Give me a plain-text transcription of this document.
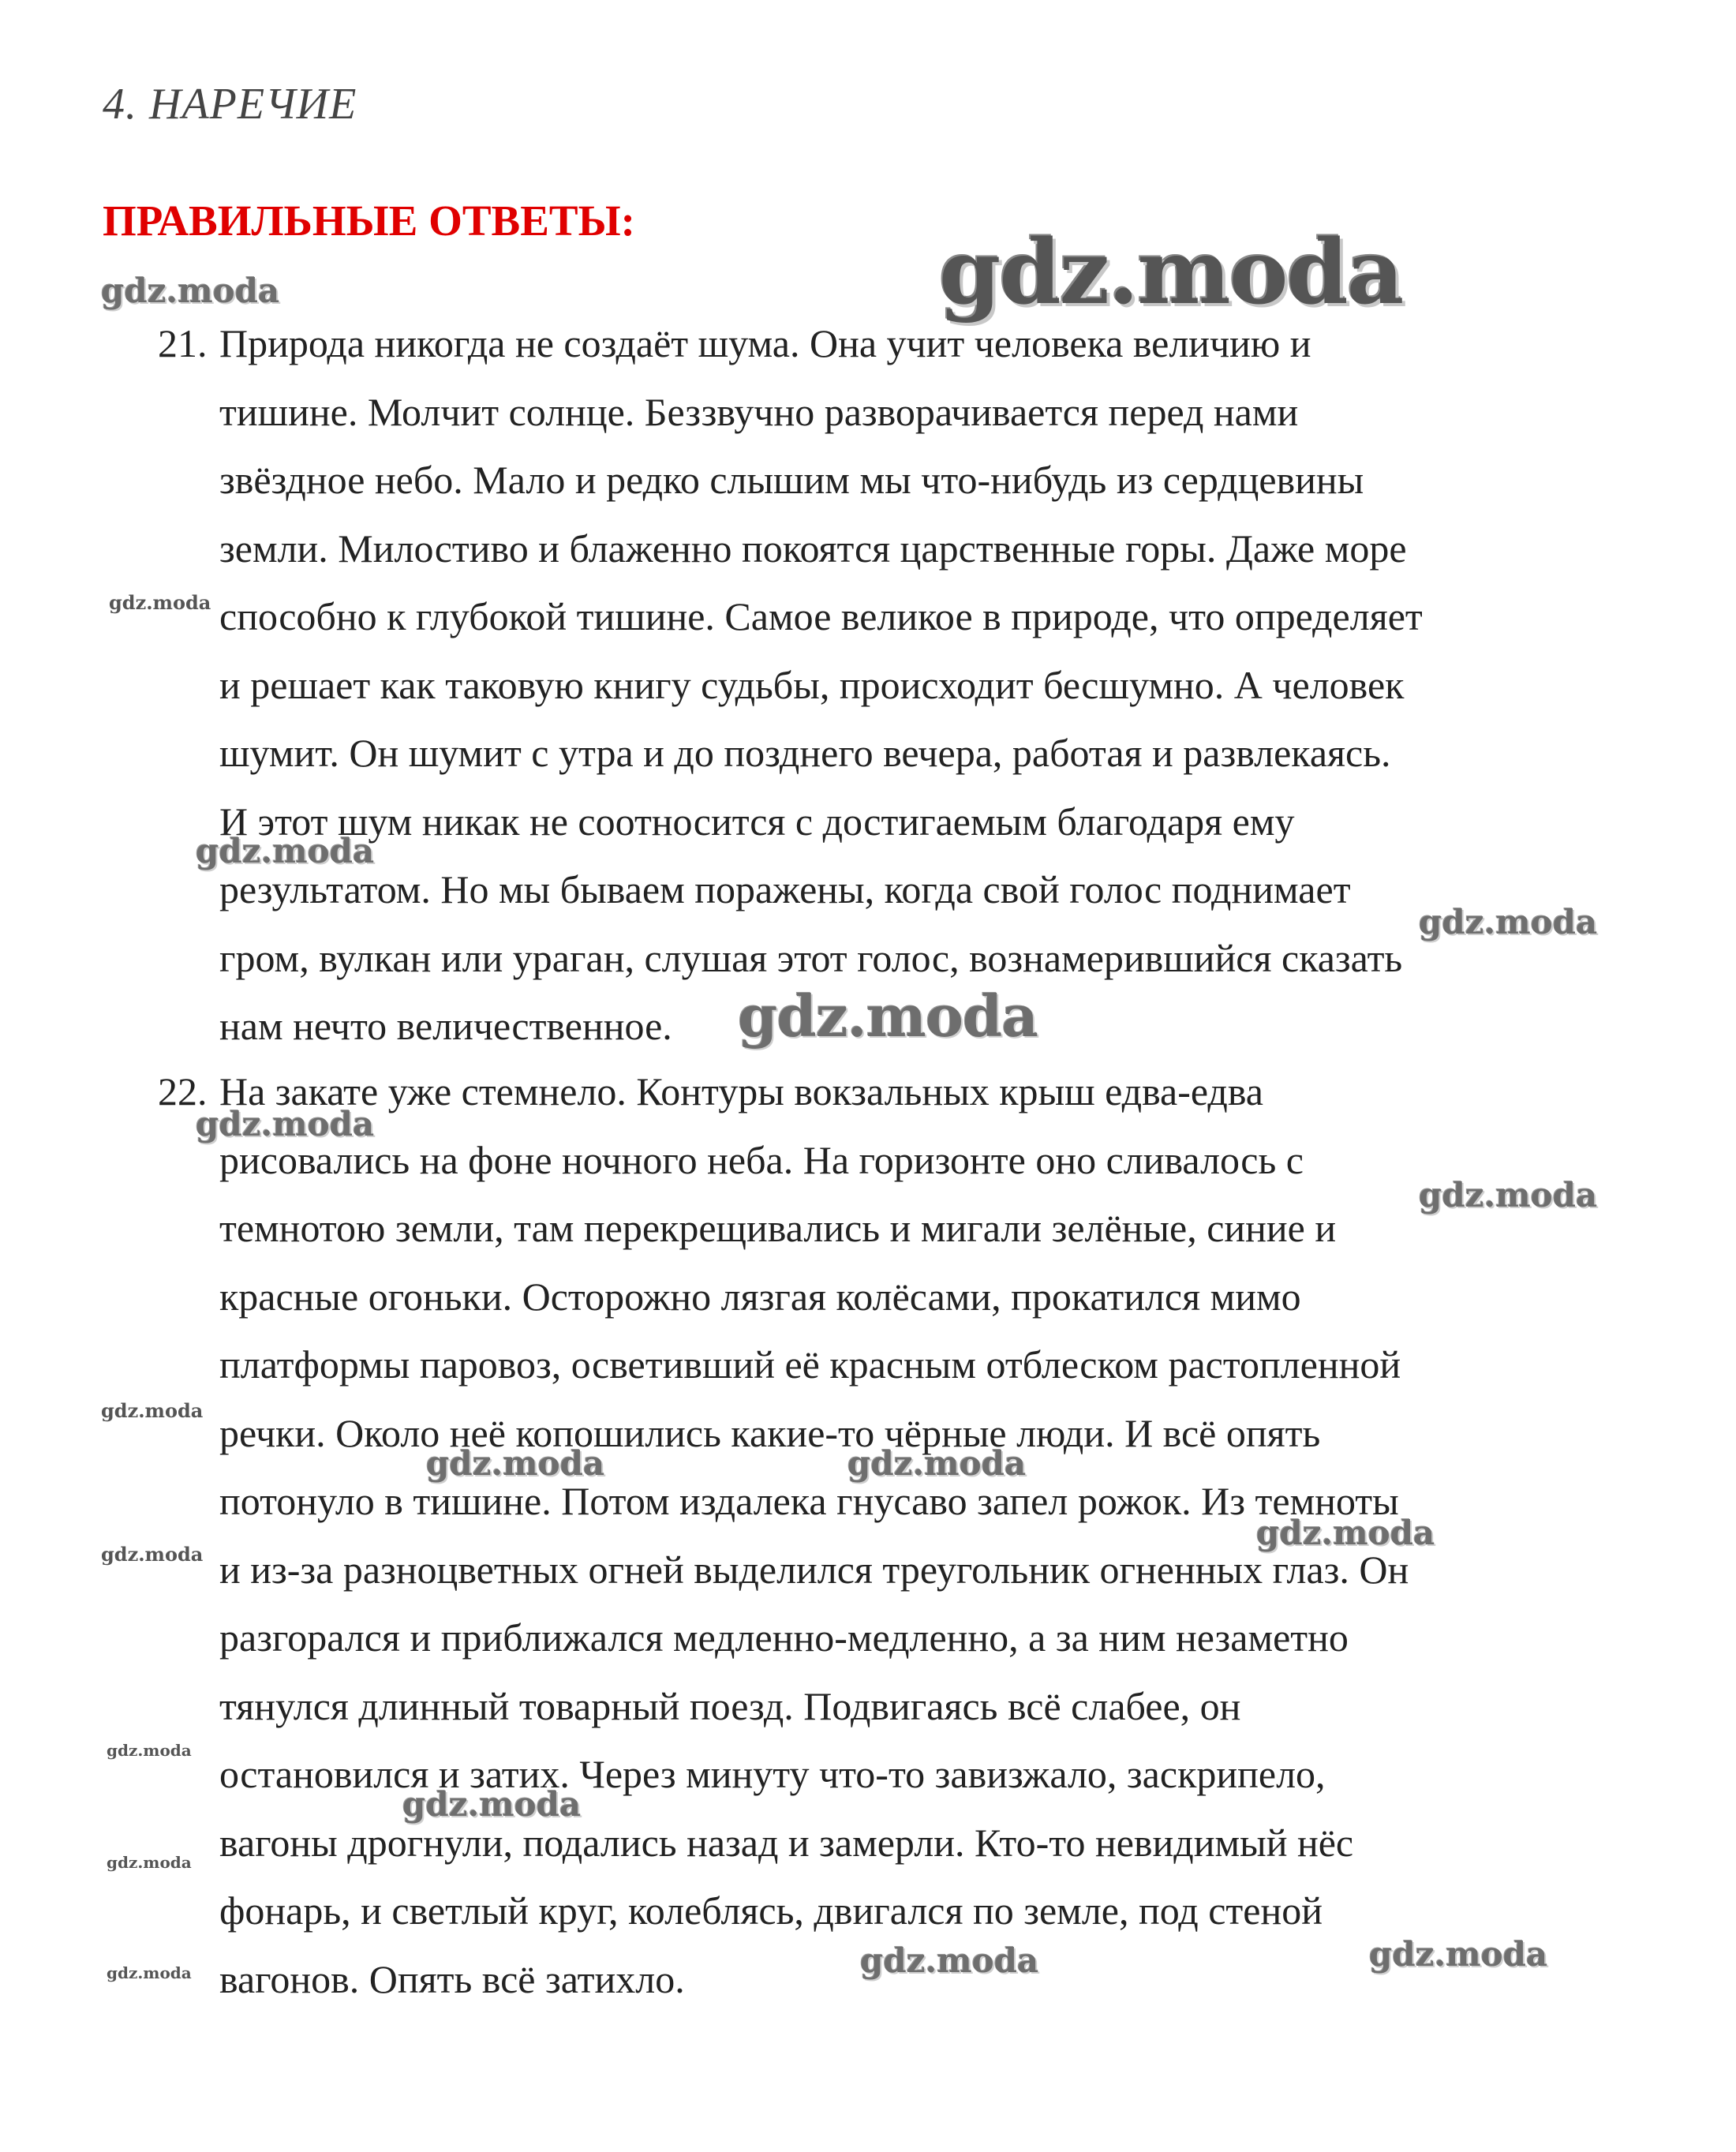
4. НАРЕЧИЕ
ПРАВИЛЬНЫЕ ОТВЕТЫ:
21. Природа никогда не создаёт шума. Она учит человека величию и
тишине. Молчит солнце. Беззвучно разворачивается перед нами
звёздное небо. Мало и редко слышим мы что-нибудь из сердцевины
земли. Милостиво и блаженно покоятся царственные горы. Даже море
способно к глубокой тишине. Самое великое в природе, что определяет
и решает как таковую книгу судьбы, происходит бесшумно. А человек
шумит. Он шумит с утра и до позднего вечера, работая и развлекаясь.
И этот шум никак не соотносится с достигаемым благодаря ему
результатом. Но мы бываем поражены, когда свой голос поднимает
гром, вулкан или ураган, слушая этот голос, вознамерившийся сказать
нам нечто величественное.
22. На закате уже стемнело. Контуры вокзальных крыш едва-едва
рисовались на фоне ночного неба. На горизонте оно сливалось с
темнотою земли, там перекрещивались и мигали зелёные, синие и
красные огоньки. Осторожно лязгая колёсами, прокатился мимо
платформы паровоз, осветивший её красным отблеском растопленной
речки. Около неё копошились какие-то чёрные люди. И всё опять
потонуло в тишине. Потом издалека гнусаво запел рожок. Из темноты
и из-за разноцветных огней выделился треугольник огненных глаз. Он
разгорался и приближался медленно-медленно, а за ним незаметно
тянулся длинный товарный поезд. Подвигаясь всё слабее, он
остановился и затих. Через минуту что-то завизжало, заскрипело,
вагоны дрогнули, подались назад и замерли. Кто-то невидимый нёс
фонарь, и светлый круг, колеблясь, двигался по земле, под стеной
вагонов. Опять всё затихло.
gdz.moda
gdz.moda
gdz.moda
gdz.moda
gdz.moda
gdz.moda
gdz.moda
gdz.moda
gdz.moda
gdz.moda	gdz.moda
gdz.moda
gdz.moda
gdz.moda
gdz.moda
gdz.moda
gdz.moda	gdz.moda
gdz.moda
